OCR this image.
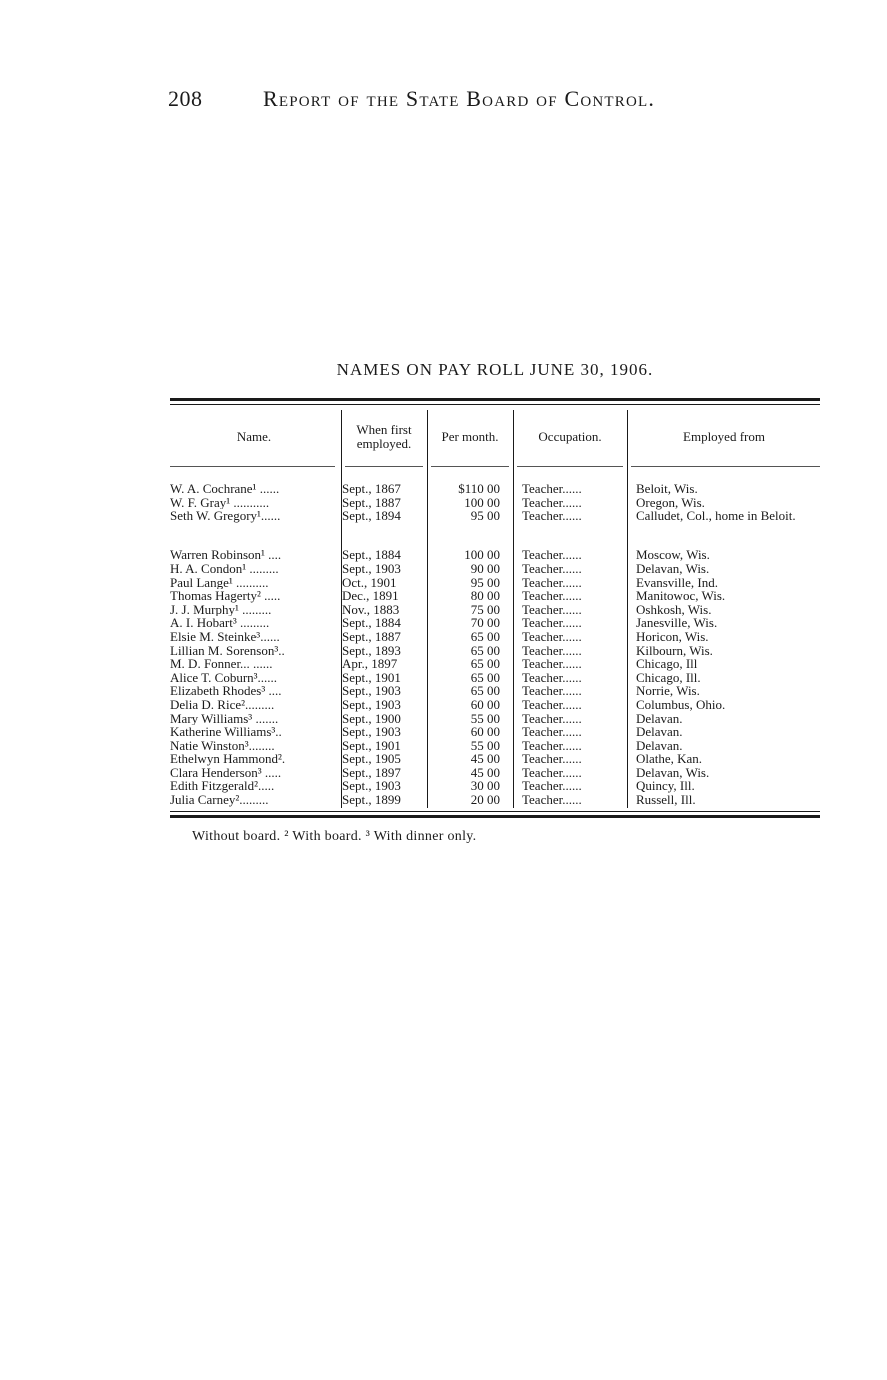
208	Report of the State Board of Control.
NAMES ON PAY ROLL JUNE 30, 1906.
Name.	When first employed.	Per month.	Occupation.	Employed from
W. A. Cochrane¹ ......	Sept., 1867	$110 00 Teacher......	Beloit, Wis.
W. F. Gray¹ ...........	Sept., 1887	100 00 Teacher......	Oregon, Wis.
Seth W. Gregory¹......	Sept., 1894	95 00 Teacher......	Calludet, Col., home in Beloit.
Warren Robinson¹ ....	Sept., 1884	100 00 Teacher......	Moscow, Wis.
H. A. Condon¹ .........	Sept., 1903	90 00 Teacher......	Delavan, Wis.
Paul Lange¹ ..........	Oct., 1901	95 00 Teacher......	Evansville, Ind.
Thomas Hagerty² .....	Dec., 1891	80 00 Teacher......	Manitowoc, Wis.
J. J. Murphy¹ .........	Nov., 1883	75 00 Teacher......	Oshkosh, Wis.
A. I. Hobart³ .........	Sept., 1884	70 00 Teacher......	Janesville, Wis.
Elsie M. Steinke³......	Sept., 1887	65 00 Teacher......	Horicon, Wis.
Lillian M. Sorenson³..	Sept., 1893	65 00 Teacher......	Kilbourn, Wis.
M. D. Fonner... ......	Apr., 1897	65 00 Teacher......	Chicago, Ill
Alice T. Coburn³......	Sept., 1901	65 00 Teacher......	Chicago, Ill.
Elizabeth Rhodes³ ....	Sept., 1903	65 00 Teacher......	Norrie, Wis.
Delia D. Rice².........	Sept., 1903	60 00 Teacher......	Columbus, Ohio.
Mary Williams³ .......	Sept., 1900	55 00 Teacher......	Delavan.
Katherine Williams³..	Sept., 1903	60 00 Teacher......	Delavan.
Natie Winston³........	Sept., 1901	55 00 Teacher......	Delavan.
Ethelwyn Hammond².	Sept., 1905	45 00 Teacher......	Olathe, Kan.
Clara Henderson³ .....	Sept., 1897	45 00 Teacher......	Delavan, Wis.
Edith Fitzgerald².....	Sept., 1903	30 00 Teacher......	Quincy, Ill.
Julia Carney².........	Sept., 1899	20 00 Teacher......	Russell, Ill.
Without board. ² With board. ³ With dinner only.
